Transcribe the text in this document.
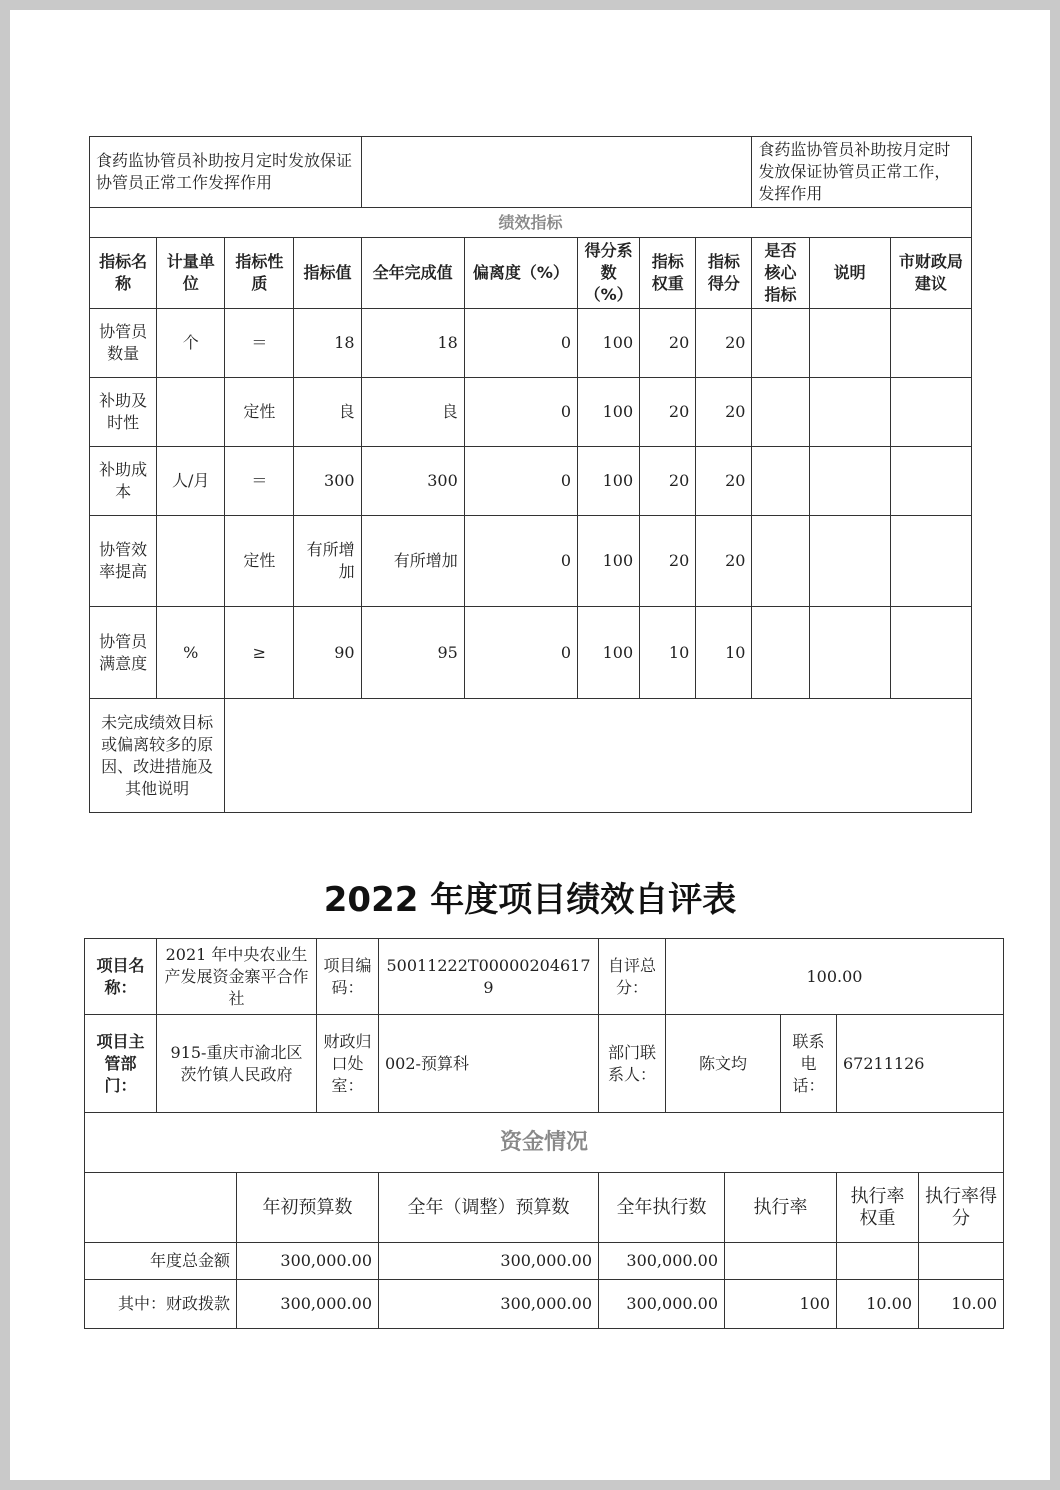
食药监协管员补助按月定时发放保证协管员正常工作发挥作用									食药监协管员补助按月定时发放保证协管员正常工作，发挥作用		
绩效指标											
指标名称	计量单位	指标性质	指标值	全年完成值	偏离度（%）	得分系数（%）	指标权重	指标得分	是否核心指标	说明	市财政局建议
协管员数量	个	＝	18	18	0	100	20	20			
补助及时性		定性	良	良	0	100	20	20			
补助成本	人/月	＝	300	300	0	100	20	20			
协管效率提高		定性	有所增加	有所增加	0	100	20	20			
协管员满意度	%	≥	90	95	0	100	10	10			
未完成绩效目标或偏离较多的原因、改进措施及其他说明											
2022 年度项目绩效自评表
项目名称：	2021 年中央农业生产发展资金寨平合作社		项目编码：	50011222T000002046179	自评总分：	100.00				
项目主管部门：	915-重庆市渝北区茨竹镇人民政府		财政归口处室：	002-预算科	部门联系人：	陈文均		联系电话：	67211126	
资金情况										
		年初预算数		全年（调整）预算数	全年执行数		执行率		执行率权重	执行率得分
年度总金额		300,000.00		300,000.00	300,000.00					
其中：财政拨款		300,000.00		300,000.00	300,000.00		100		10.00	10.00
